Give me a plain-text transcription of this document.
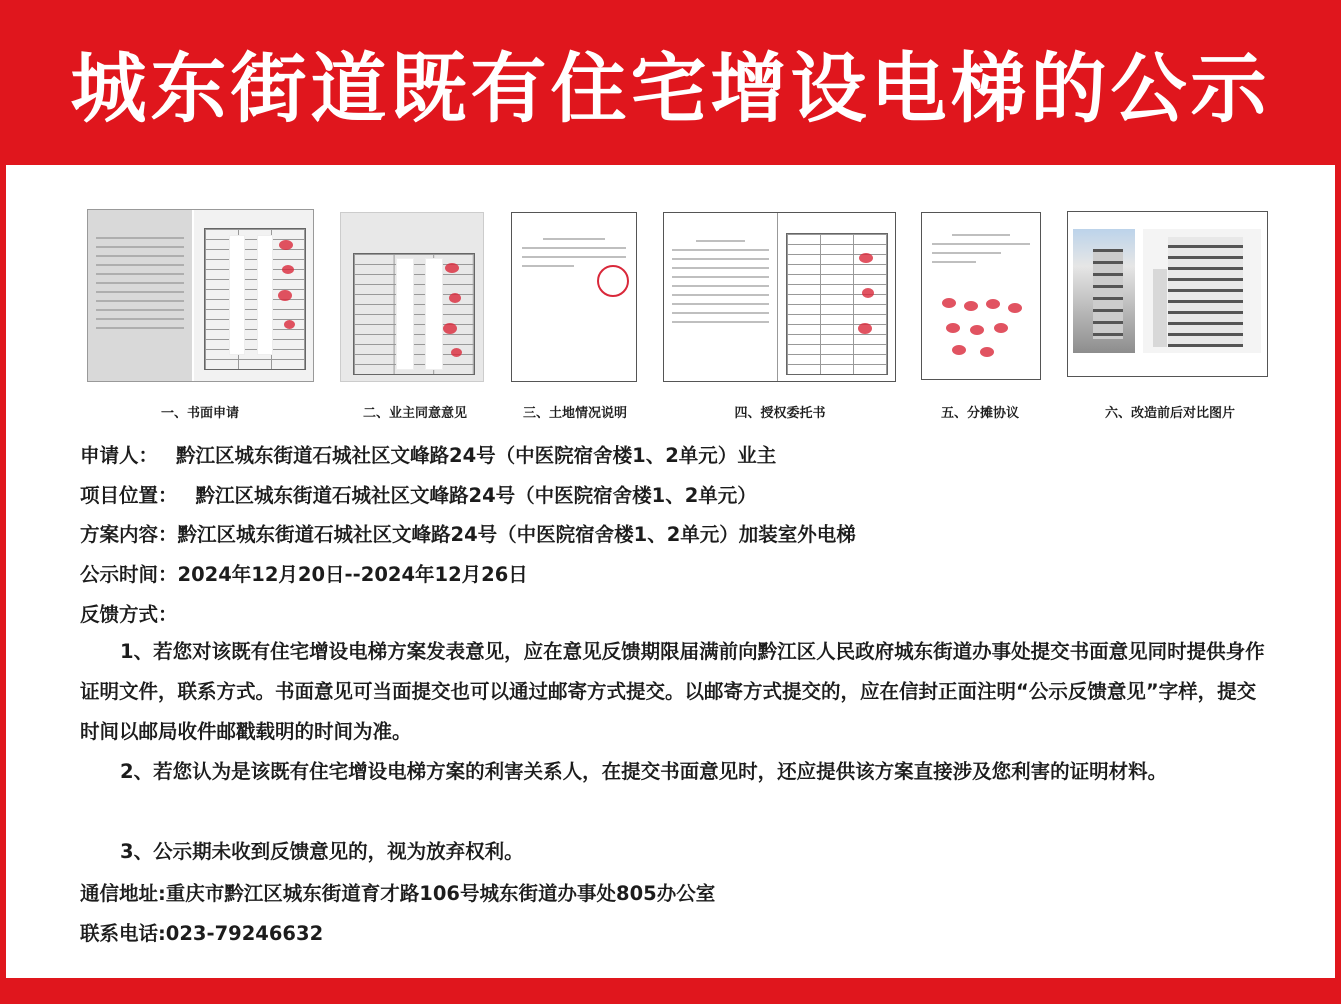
城东街道既有住宅增设电梯的公示
一、书面申请	二、业主同意意见	三、土地情况说明	四、授权委托书	五、分摊协议	六、改造前后对比图片
申请人： 黔江区城东街道石城社区文峰路24号（中医院宿舍楼1、2单元）业主
项目位置： 黔江区城东街道石城社区文峰路24号（中医院宿舍楼1、2单元）
方案内容：黔江区城东街道石城社区文峰路24号（中医院宿舍楼1、2单元）加装室外电梯
公示时间：2024年12月20日--2024年12月26日
反馈方式：
1、若您对该既有住宅增设电梯方案发表意见，应在意见反馈期限届满前向黔江区人民政府城东街道办事处提交书面意见同时提供身作证明文件，联系方式。书面意见可当面提交也可以通过邮寄方式提交。以邮寄方式提交的，应在信封正面注明“公示反馈意见”字样，提交时间以邮局收件邮戳载明的时间为准。
2、若您认为是该既有住宅增设电梯方案的利害关系人，在提交书面意见时，还应提供该方案直接涉及您利害的证明材料。
3、公示期未收到反馈意见的，视为放弃权利。
通信地址:重庆市黔江区城东街道育才路106号城东街道办事处805办公室
联系电话:023-79246632
